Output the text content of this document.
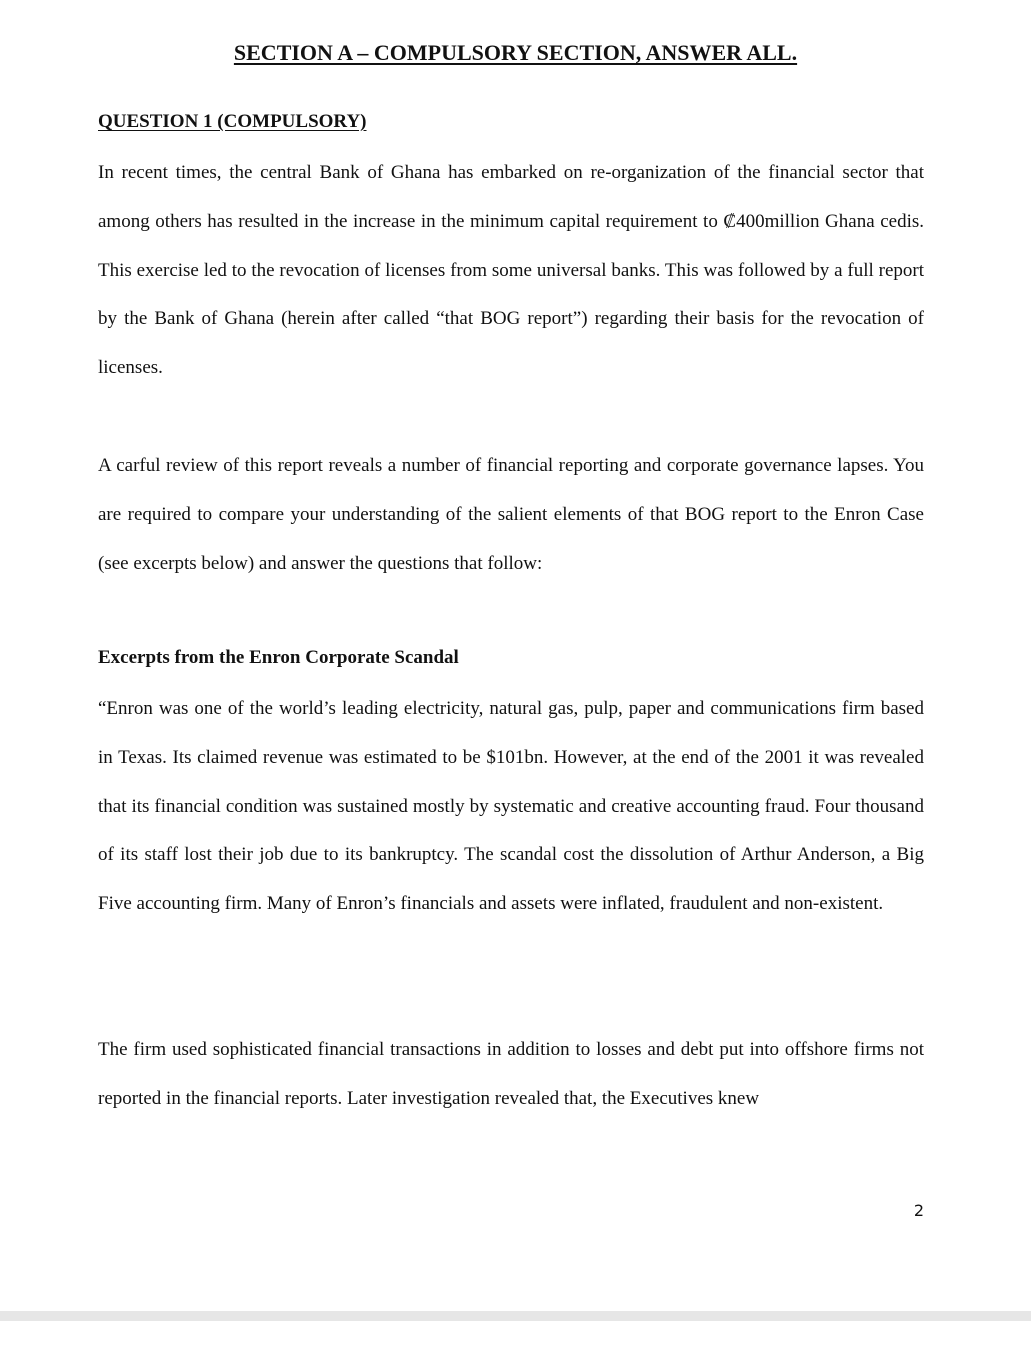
SECTION A – COMPULSORY SECTION, ANSWER ALL.
QUESTION 1 (COMPULSORY)

In recent times, the central Bank of Ghana has embarked on re-organization of the financial sector that among others has resulted in the increase in the minimum capital requirement to ₡400million Ghana cedis. This exercise led to the revocation of licenses from some universal banks. This was followed by a full report by the Bank of Ghana (herein after called “that BOG report”) regarding their basis for the revocation of licenses.

A carful review of this report reveals a number of financial reporting and corporate governance lapses. You are required to compare your understanding of the salient elements of that BOG report to the Enron Case (see excerpts below) and answer the questions that follow:

Excerpts from the Enron Corporate Scandal

“Enron was one of the world’s leading electricity, natural gas, pulp, paper and communications firm based in Texas. Its claimed revenue was estimated to be $101bn. However, at the end of the 2001 it was revealed that its financial condition was sustained mostly by systematic and creative accounting fraud. Four thousand of its staff lost their job due to its bankruptcy. The scandal cost the dissolution of Arthur Anderson, a Big Five accounting firm. Many of Enron’s financials and assets were inflated, fraudulent and non-existent.

The firm used sophisticated financial transactions in addition to losses and debt put into offshore firms not reported in the financial reports. Later investigation revealed that, the Executives knew

2
